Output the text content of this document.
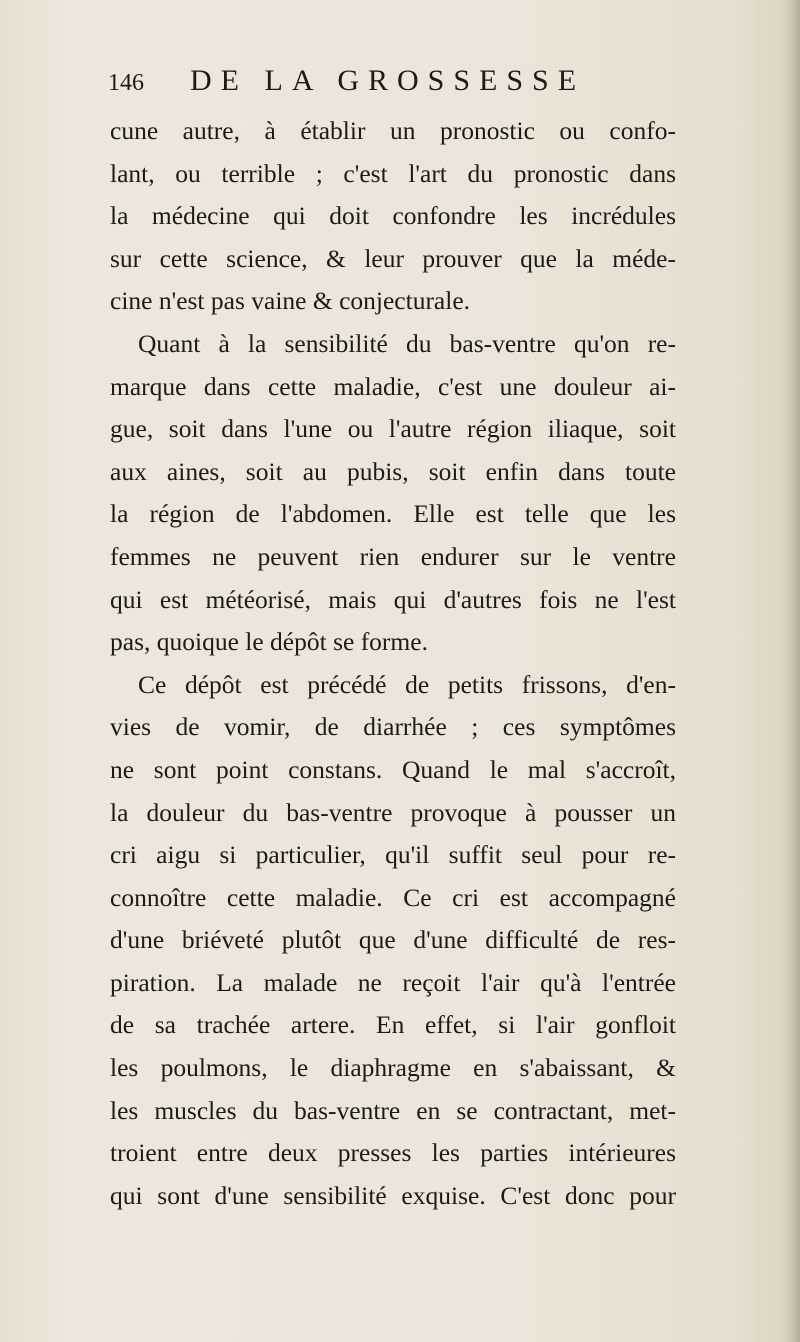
146 DE LA GROSSESSE
cune autre, à établir un pronostic ou confo-
lant, ou terrible ; c'est l'art du pronostic dans
la médecine qui doit confondre les incrédules
sur cette science, & leur prouver que la méde-
cine n'est pas vaine & conjecturale.
Quant à la sensibilité du bas-ventre qu'on re-
marque dans cette maladie, c'est une douleur ai-
gue, soit dans l'une ou l'autre région iliaque, soit
aux aines, soit au pubis, soit enfin dans toute
la région de l'abdomen. Elle est telle que les
femmes ne peuvent rien endurer sur le ventre
qui est météorisé, mais qui d'autres fois ne l'est
pas, quoique le dépôt se forme.
Ce dépôt est précédé de petits frissons, d'en-
vies de vomir, de diarrhée ; ces symptômes
ne sont point constans. Quand le mal s'accroît,
la douleur du bas-ventre provoque à pousser un
cri aigu si particulier, qu'il suffit seul pour re-
connoître cette maladie. Ce cri est accompagné
d'une briéveté plutôt que d'une difficulté de res-
piration. La malade ne reçoit l'air qu'à l'entrée
de sa trachée artere. En effet, si l'air gonfloit
les poulmons, le diaphragme en s'abaissant, &
les muscles du bas-ventre en se contractant, met-
troient entre deux presses les parties intérieures
qui sont d'une sensibilité exquise. C'est donc pour
